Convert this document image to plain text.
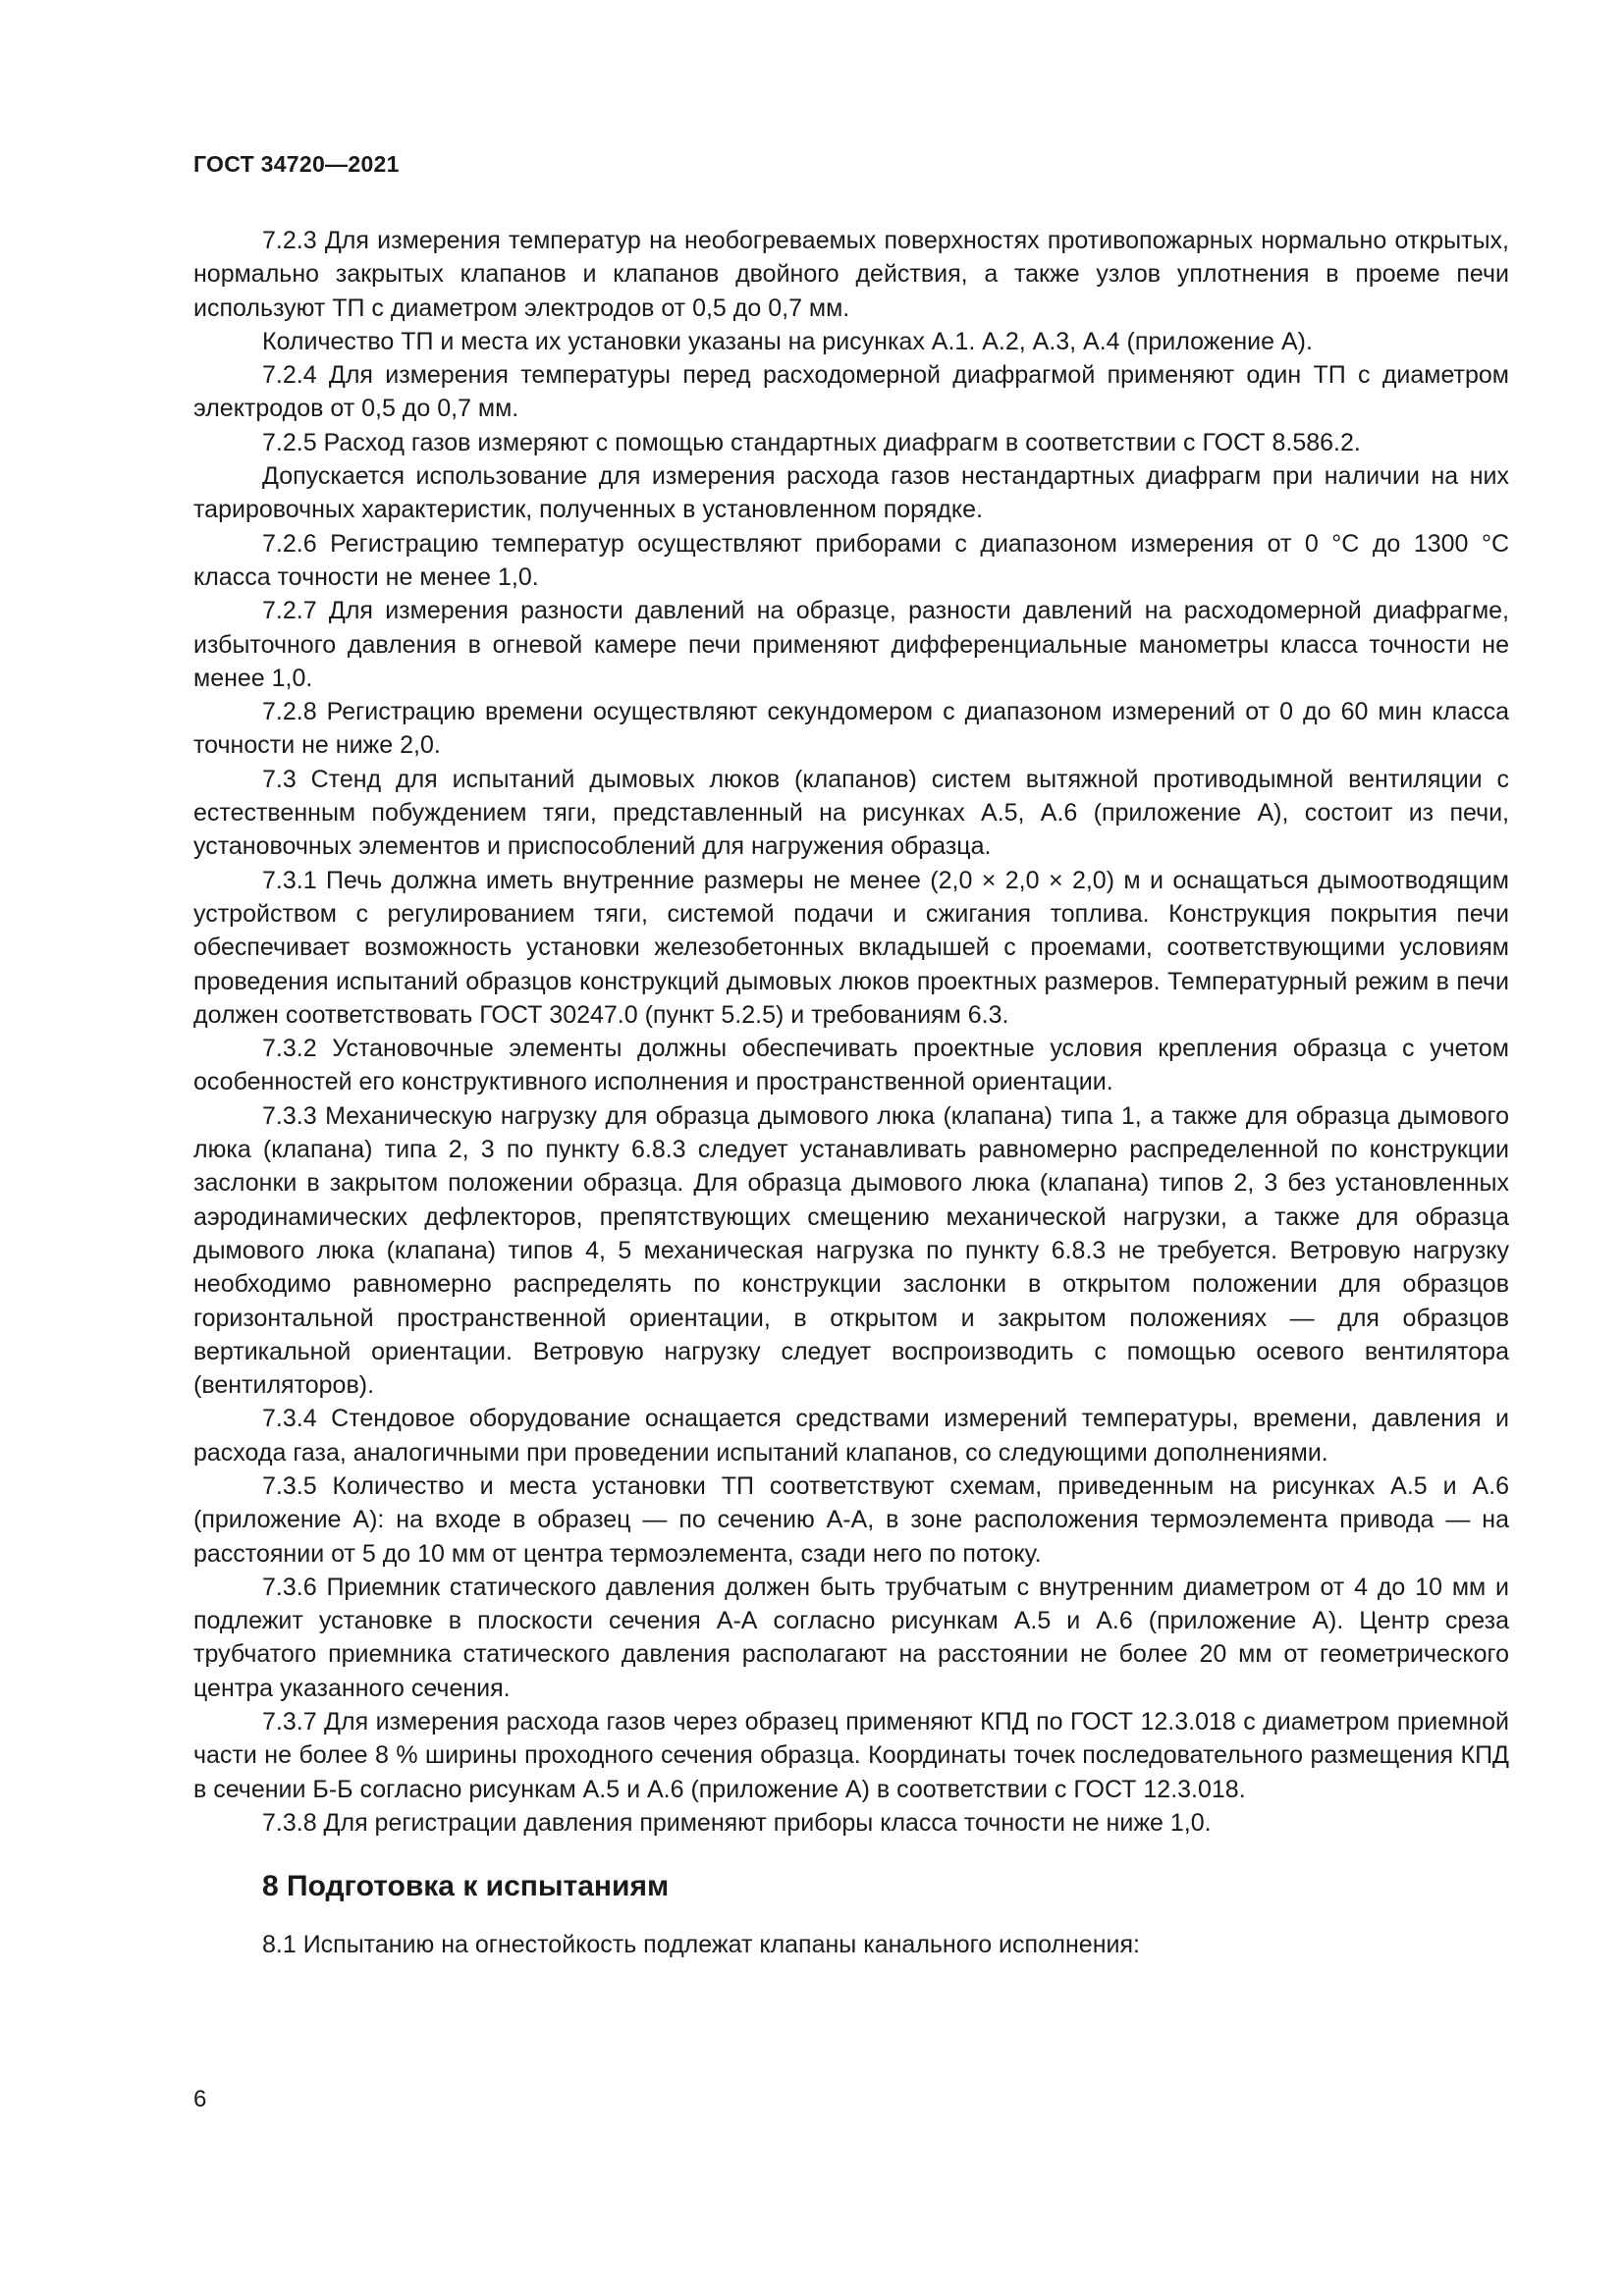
ГОСТ 34720—2021

7.2.3 Для измерения температур на необогреваемых поверхностях противопожарных нормально открытых, нормально закрытых клапанов и клапанов двойного действия, а также узлов уплотнения в проеме печи используют ТП с диаметром электродов от 0,5 до 0,7 мм.

Количество ТП и места их установки указаны на рисунках А.1. А.2, А.3, А.4 (приложение А).

7.2.4 Для измерения температуры перед расходомерной диафрагмой применяют один ТП с диаметром электродов от 0,5 до 0,7 мм.

7.2.5 Расход газов измеряют с помощью стандартных диафрагм в соответствии с ГОСТ 8.586.2.

Допускается использование для измерения расхода газов нестандартных диафрагм при наличии на них тарировочных характеристик, полученных в установленном порядке.

7.2.6 Регистрацию температур осуществляют приборами с диапазоном измерения от 0 °С до 1300 °С класса точности не менее 1,0.

7.2.7 Для измерения разности давлений на образце, разности давлений на расходомерной диафрагме, избыточного давления в огневой камере печи применяют дифференциальные манометры класса точности не менее 1,0.

7.2.8 Регистрацию времени осуществляют секундомером с диапазоном измерений от 0 до 60 мин класса точности не ниже 2,0.

7.3 Стенд для испытаний дымовых люков (клапанов) систем вытяжной противодымной вентиляции с естественным побуждением тяги, представленный на рисунках А.5, А.6 (приложение А), состоит из печи, установочных элементов и приспособлений для нагружения образца.

7.3.1 Печь должна иметь внутренние размеры не менее (2,0 × 2,0 × 2,0) м и оснащаться дымоотводящим устройством с регулированием тяги, системой подачи и сжигания топлива. Конструкция покрытия печи обеспечивает возможность установки железобетонных вкладышей с проемами, соответствующими условиям проведения испытаний образцов конструкций дымовых люков проектных размеров. Температурный режим в печи должен соответствовать ГОСТ 30247.0 (пункт 5.2.5) и требованиям 6.3.

7.3.2 Установочные элементы должны обеспечивать проектные условия крепления образца с учетом особенностей его конструктивного исполнения и пространственной ориентации.

7.3.3 Механическую нагрузку для образца дымового люка (клапана) типа 1, а также для образца дымового люка (клапана) типа 2, 3 по пункту 6.8.3 следует устанавливать равномерно распределенной по конструкции заслонки в закрытом положении образца. Для образца дымового люка (клапана) типов 2, 3 без установленных аэродинамических дефлекторов, препятствующих смещению механической нагрузки, а также для образца дымового люка (клапана) типов 4, 5 механическая нагрузка по пункту 6.8.3 не требуется. Ветровую нагрузку необходимо равномерно распределять по конструкции заслонки в открытом положении для образцов горизонтальной пространственной ориентации, в открытом и закрытом положениях — для образцов вертикальной ориентации. Ветровую нагрузку следует воспроизводить с помощью осевого вентилятора (вентиляторов).

7.3.4 Стендовое оборудование оснащается средствами измерений температуры, времени, давления и расхода газа, аналогичными при проведении испытаний клапанов, со следующими дополнениями.

7.3.5 Количество и места установки ТП соответствуют схемам, приведенным на рисунках А.5 и А.6 (приложение А): на входе в образец — по сечению А-А, в зоне расположения термоэлемента привода — на расстоянии от 5 до 10 мм от центра термоэлемента, сзади него по потоку.

7.3.6 Приемник статического давления должен быть трубчатым с внутренним диаметром от 4 до 10 мм и подлежит установке в плоскости сечения А-А согласно рисункам А.5 и А.6 (приложение А). Центр среза трубчатого приемника статического давления располагают на расстоянии не более 20 мм от геометрического центра указанного сечения.

7.3.7 Для измерения расхода газов через образец применяют КПД по ГОСТ 12.3.018 с диаметром приемной части не более 8 % ширины проходного сечения образца. Координаты точек последовательного размещения КПД в сечении Б-Б согласно рисункам А.5 и А.6 (приложение А) в соответствии с ГОСТ 12.3.018.

7.3.8 Для регистрации давления применяют приборы класса точности не ниже 1,0.

8 Подготовка к испытаниям

8.1 Испытанию на огнестойкость подлежат клапаны канального исполнения:

6
